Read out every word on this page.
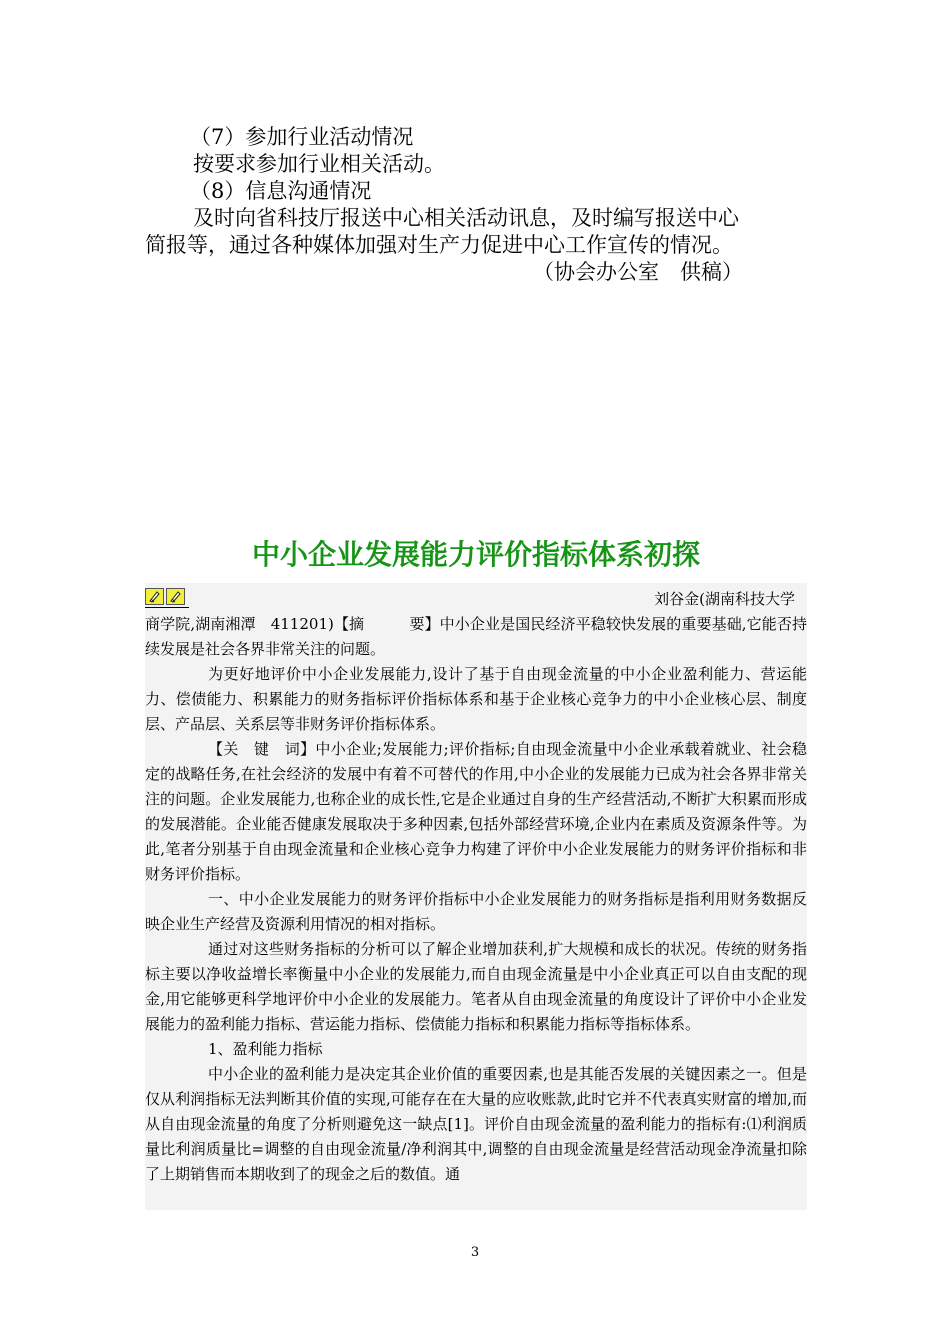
（7）参加行业活动情况

按要求参加行业相关活动。

（8）信息沟通情况

及时向省科技厅报送中心相关活动讯息，及时编写报送中心

简报等，通过各种媒体加强对生产力促进中心工作宣传的情况。

（协会办公室　供稿）

中小企业发展能力评价指标体系初探

刘谷金(湖南科技大学

商学院,湖南湘潭　411201)【摘　　　要】中小企业是国民经济平稳较快发展的重要基础,它能否持续发展是社会各界非常关注的问题。

为更好地评价中小企业发展能力,设计了基于自由现金流量的中小企业盈利能力、营运能力、偿债能力、积累能力的财务指标评价指标体系和基于企业核心竞争力的中小企业核心层、制度层、产品层、关系层等非财务评价指标体系。

【关　键　词】中小企业;发展能力;评价指标;自由现金流量中小企业承载着就业、社会稳定的战略任务,在社会经济的发展中有着不可替代的作用,中小企业的发展能力已成为社会各界非常关注的问题。企业发展能力,也称企业的成长性,它是企业通过自身的生产经营活动,不断扩大积累而形成的发展潜能。企业能否健康发展取决于多种因素,包括外部经营环境,企业内在素质及资源条件等。为此,笔者分别基于自由现金流量和企业核心竞争力构建了评价中小企业发展能力的财务评价指标和非财务评价指标。

一、中小企业发展能力的财务评价指标中小企业发展能力的财务指标是指利用财务数据反映企业生产经营及资源利用情况的相对指标。

通过对这些财务指标的分析可以了解企业增加获利,扩大规模和成长的状况。传统的财务指标主要以净收益增长率衡量中小企业的发展能力,而自由现金流量是中小企业真正可以自由支配的现金,用它能够更科学地评价中小企业的发展能力。笔者从自由现金流量的角度设计了评价中小企业发展能力的盈利能力指标、营运能力指标、偿债能力指标和积累能力指标等指标体系。

1、盈利能力指标

中小企业的盈利能力是决定其企业价值的重要因素,也是其能否发展的关键因素之一。但是仅从利润指标无法判断其价值的实现,可能存在在大量的应收账款,此时它并不代表真实财富的增加,而从自由现金流量的角度了分析则避免这一缺点[1]。评价自由现金流量的盈利能力的指标有:⑴利润质量比利润质量比=调整的自由现金流量/净利润其中,调整的自由现金流量是经营活动现金净流量扣除了上期销售而本期收到了的现金之后的数值。通

3
